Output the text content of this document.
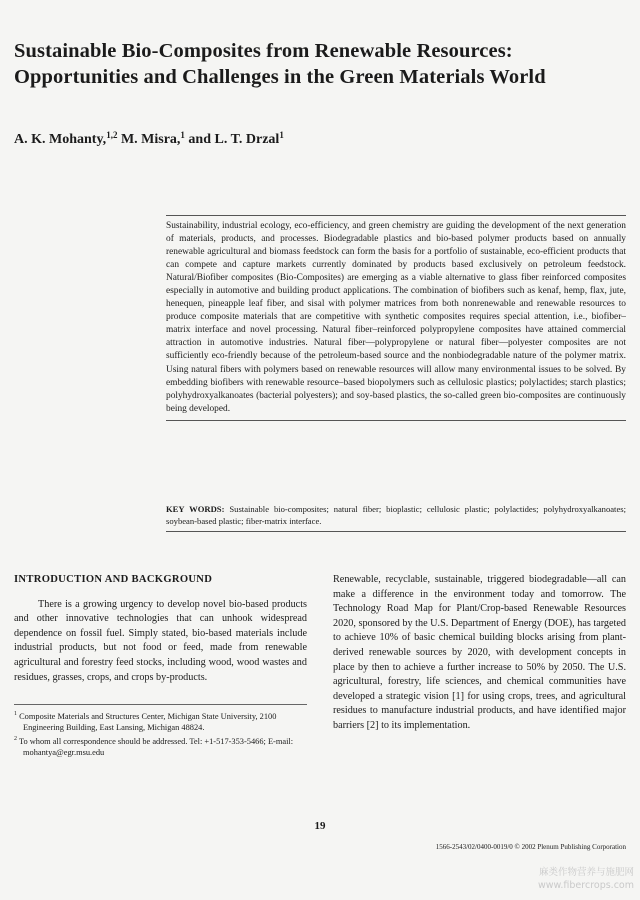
Sustainable Bio-Composites from Renewable Resources: Opportunities and Challenges in the Green Materials World
A. K. Mohanty,$^{1,2}$ M. Misra,$^1$ and L. T. Drzal$^1$

Sustainability, industrial ecology, eco-efficiency, and green chemistry are guiding the development of the next generation of materials, products, and processes. Biodegradable plastics and bio-based polymer products based on annually renewable agricultural and biomass feedstock can form the basis for a portfolio of sustainable, eco-efficient products that can compete and capture markets currently dominated by products based exclusively on petroleum feedstock. Natural/Biofiber composites (Bio-Composites) are emerging as a viable alternative to glass fiber reinforced composites especially in automotive and building product applications. The combination of biofibers such as kenaf, hemp, flax, jute, henequen, pineapple leaf fiber, and sisal with polymer matrices from both nonrenewable and renewable resources to produce composite materials that are competitive with synthetic composites requires special attention, i.e., biofiber–matrix interface and novel processing. Natural fiber–reinforced polypropylene composites have attained commercial attraction in automotive industries. Natural fiber—polypropylene or natural fiber—polyester composites are not sufficiently eco-friendly because of the petroleum-based source and the nonbiodegradable nature of the polymer matrix. Using natural fibers with polymers based on renewable resources will allow many environmental issues to be solved. By embedding biofibers with renewable resource–based biopolymers such as cellulosic plastics; polylactides; starch plastics; polyhydroxyalkanoates (bacterial polyesters); and soy-based plastics, the so-called green bio-composites are continuously being developed.

KEY WORDS: Sustainable bio-composites; natural fiber; bioplastic; cellulosic plastic; polylactides; polyhydroxyalkanoates; soybean-based plastic; fiber-matrix interface.
INTRODUCTION AND BACKGROUND

There is a growing urgency to develop novel bio-based products and other innovative technologies that can unhook widespread dependence on fossil fuel. Simply stated, bio-based materials include industrial products, but not food or feed, made from renewable agricultural and forestry feed stocks, including wood, wood wastes and residues, grasses, crops, and crops by-products.

Renewable, recyclable, sustainable, triggered biodegradable—all can make a difference in the environment today and tomorrow. The Technology Road Map for Plant/Crop-based Renewable Resources 2020, sponsored by the U.S. Department of Energy (DOE), has targeted to achieve 10% of basic chemical building blocks arising from plant-derived renewable sources by 2020, with development concepts in place by then to achieve a further increase to 50% by 2050. The U.S. agricultural, forestry, life sciences, and chemical communities have developed a strategic vision [1] for using crops, trees, and agricultural residues to manufacture industrial products, and have identified major barriers [2] to its implementation.

$^1$ Composite Materials and Structures Center, Michigan State University, 2100 Engineering Building, East Lansing, Michigan 48824.

$^2$ To whom all correspondence should be addressed. Tel: +1-517-353-5466; E-mail: mohantya@egr.msu.edu

19
1566-2543/02/0400-0019/0 © 2002 Plenum Publishing Corporation
麻类作物营养与施肥网
www.fibercrops.com
